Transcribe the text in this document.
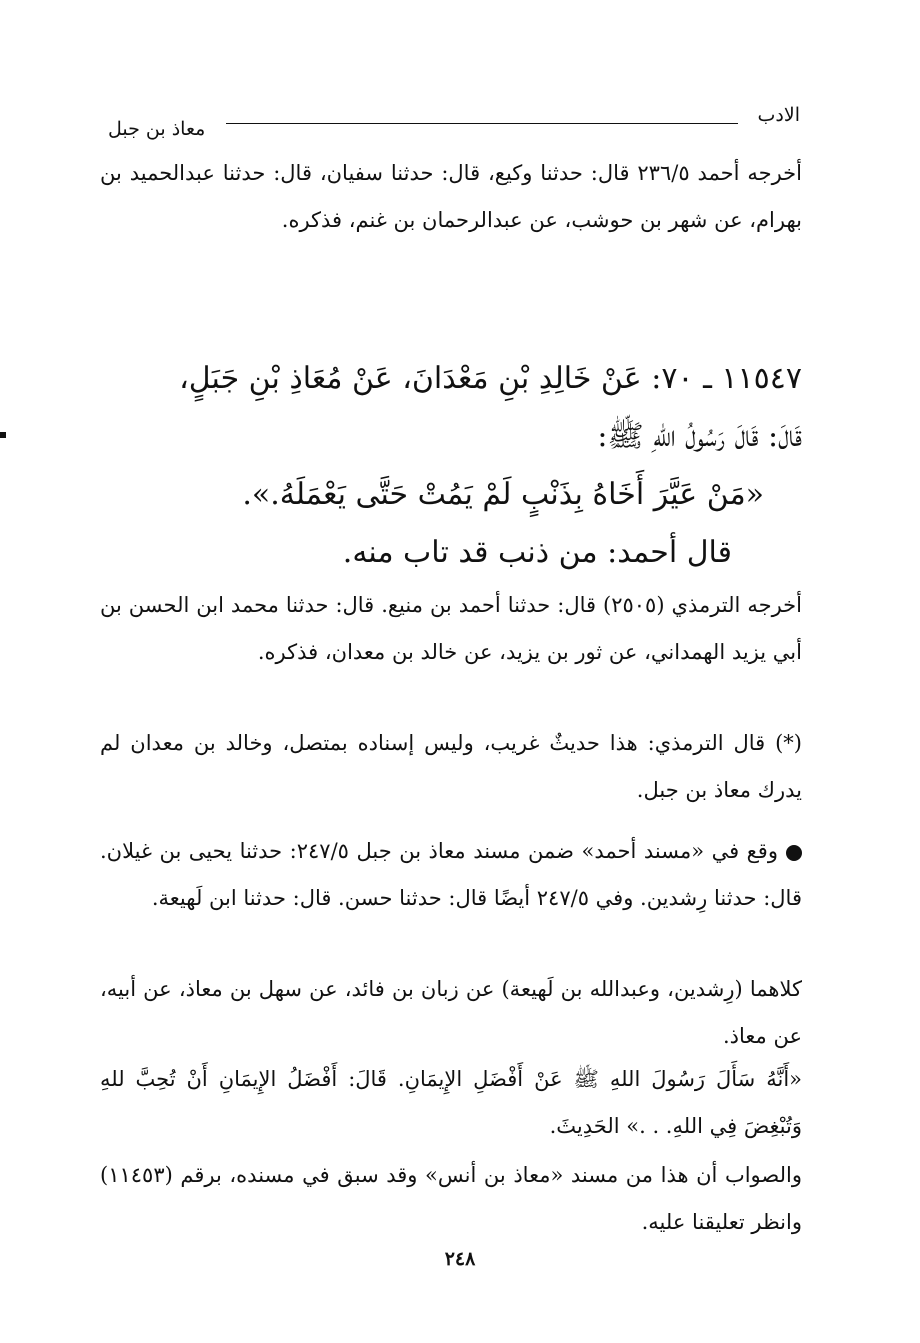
الادب
معاذ بن جبل
أخرجه أحمد ٢٣٦/٥ قال: حدثنا وكيع، قال: حدثنا سفيان، قال: حدثنا عبدالحميد بن بهرام، عن شهر بن حوشب، عن عبدالرحمان بن غنم، فذكره.
١١٥٤٧ ـ ٧٠: عَنْ خَالِدِ بْنِ مَعْدَانَ، عَنْ مُعَاذِ بْنِ جَبَلٍ،
قَالَ: قَالَ رَسُولُ اللهِ ﷺ:
«مَنْ عَيَّرَ أَخَاهُ بِذَنْبٍ لَمْ يَمُتْ حَتَّى يَعْمَلَهُ.».
قال أحمد: من ذنب قد تاب منه.
أخرجه الترمذي (٢٥٠٥) قال: حدثنا أحمد بن منيع. قال: حدثنا محمد ابن الحسن بن أبي يزيد الهمداني، عن ثور بن يزيد، عن خالد بن معدان، فذكره.
(*) قال الترمذي: هذا حديثٌ غريب، وليس إسناده بمتصل، وخالد بن معدان لم يدرك معاذ بن جبل.
وقع في «مسند أحمد» ضمن مسند معاذ بن جبل ٢٤٧/٥: حدثنا يحيى بن غيلان. قال: حدثنا رِشدين. وفي ٢٤٧/٥ أيضًا قال: حدثنا حسن. قال: حدثنا ابن لَهيعة.
كلاهما (رِشدين، وعبدالله بن لَهيعة) عن زبان بن فائد، عن سهل بن معاذ، عن أبيه، عن معاذ.
«أَنَّهُ سَأَلَ رَسُولَ اللهِ ﷺ عَنْ أَفْضَلِ الإِيمَانِ. قَالَ: أَفْضَلُ الإِيمَانِ أَنْ تُحِبَّ للهِ وَتُبْغِضَ فِي اللهِ. . .» الحَدِيثَ.
والصواب أن هذا من مسند «معاذ بن أنس» وقد سبق في مسنده، برقم (١١٤٥٣) وانظر تعليقنا عليه.
٢٤٨
